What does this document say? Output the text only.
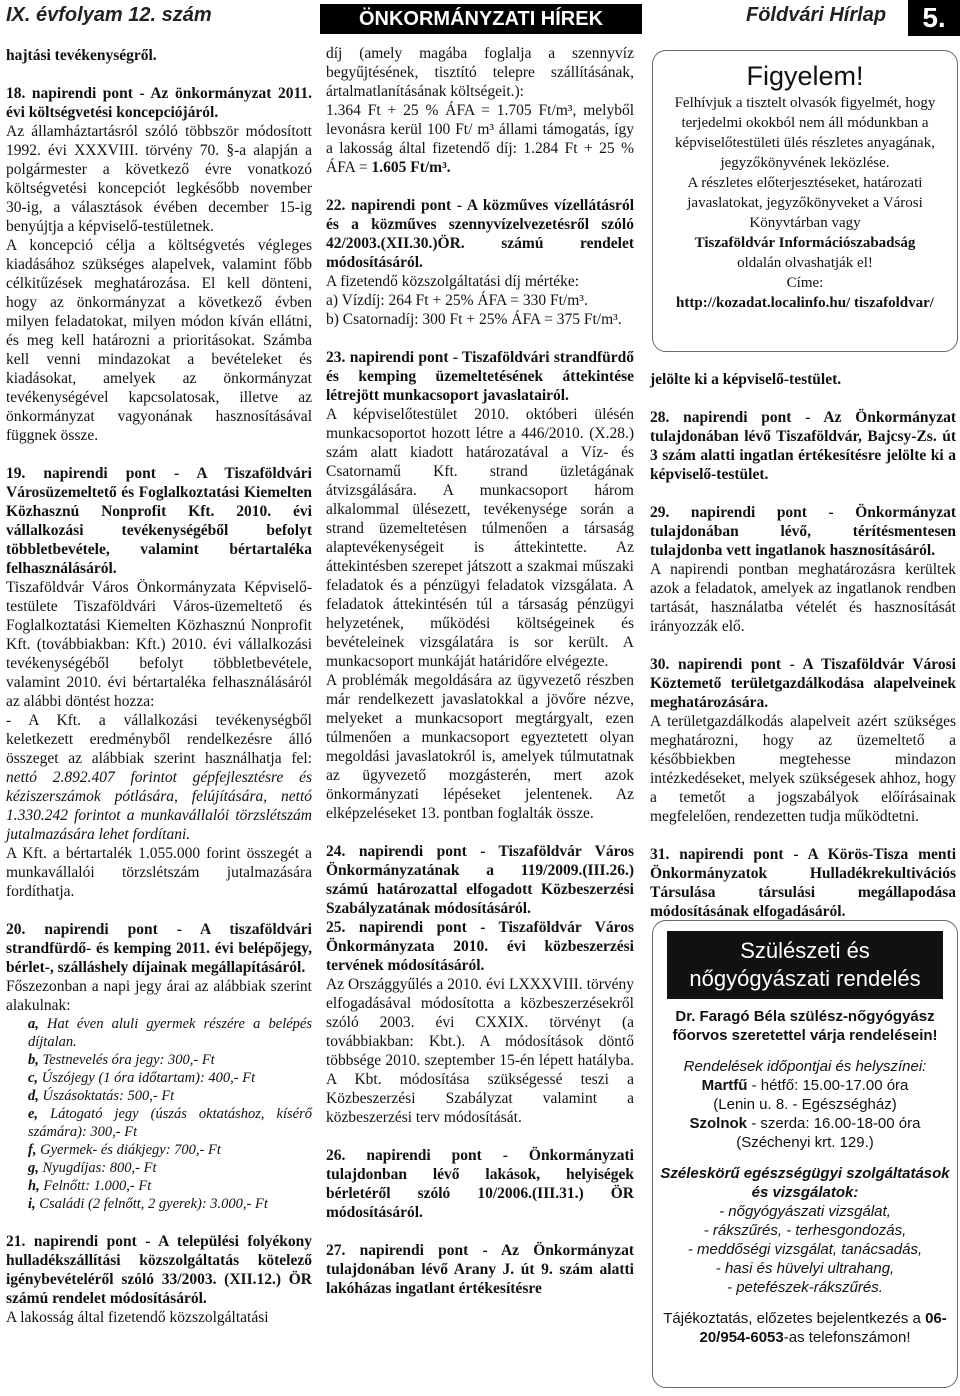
IX. évfolyam 12. szám	ÖNKORMÁNYZATI HÍREK	Földvári Hírlap	5.

hajtási tevékenységről.

18. napirendi pont - Az önkormányzat 2011. évi költségvetési koncepciójáról.

Az államháztartásról szóló többször módosított 1992. évi XXXVIII. törvény 70. §-a alapján a polgármester a következő évre vonatkozó költségvetési koncepciót legkésőbb november 30-ig, a választások évében december 15-ig benyújtja a képviselő-testületnek.

A koncepció célja a költségvetés végleges kiadásához szükséges alapelvek, valamint főbb célkitűzések meghatározása. El kell dönteni, hogy az önkormányzat a következő évben milyen feladatokat, milyen módon kíván ellátni, és meg kell határozni a prioritásokat. Számba kell venni mindazokat a bevételeket és kiadásokat, amelyek az önkormányzat tevékenységével kapcsolatosak, illetve az önkormányzat vagyonának hasznosításával függnek össze.

19. napirendi pont - A Tiszaföldvári Városüzemeltető és Foglalkoztatási Kiemelten Közhasznú Nonprofit Kft. 2010. évi vállalkozási tevékenységéből befolyt többletbevétele, valamint bértartaléka felhasználásáról.

Tiszaföldvár Város Önkormányzata Képviselő-testülete Tiszaföldvári Város-üzemeltető és Foglalkoztatási Kiemelten Közhasznú Nonprofit Kft. (továbbiakban: Kft.) 2010. évi vállalkozási tevékenységéből befolyt többletbevétele, valamint 2010. évi bértartaléka felhasználásáról az alábbi döntést hozza:

- A Kft. a vállalkozási tevékenységből keletkezett eredményből rendelkezésre álló összeget az alábbiak szerint használhatja fel: nettó 2.892.407 forintot gépfejlesztésre és kéziszerszámok pótlására, felújítására, nettó 1.330.242 forintot a munkavállalói törzslétszám jutalmazására lehet fordítani.

A Kft. a bértartalék 1.055.000 forint összegét a munkavállalói törzslétszám jutalmazására fordíthatja.

20. napirendi pont - A tiszaföldvári strandfürdő- és kemping 2011. évi belépőjegy, bérlet-, szálláshely díjainak megállapításáról.

Főszezonban a napi jegy árai az alábbiak szerint alakulnak:

a, Hat éven aluli gyermek részére a belépés díjtalan.

b, Testnevelés óra jegy: 300,- Ft

c, Úszójegy (1 óra időtartam): 400,- Ft

d, Úszásoktatás: 500,- Ft

e, Látogató jegy (úszás oktatáshoz, kísérő számára): 300,- Ft

f, Gyermek- és diákjegy: 700,- Ft

g, Nyugdíjas: 800,- Ft

h, Felnőtt: 1.000,- Ft

i, Családi (2 felnőtt, 2 gyerek): 3.000,- Ft

21. napirendi pont - A települési folyékony hulladékszállítási közszolgáltatás kötelező igénybevételéről szóló 33/2003. (XII.12.) ÖR számú rendelet módosításáról.

A lakosság által fizetendő közszolgáltatási

díj (amely magába foglalja a szennyvíz begyűjtésének, tisztító telepre szállításának, ártalmatlanításának költségeit.):

1.364 Ft + 25 % ÁFA = 1.705 Ft/m³, melyből levonásra kerül 100 Ft/ m³ állami támogatás, így a lakosság által fizetendő díj: 1.284 Ft + 25 % ÁFA = 1.605 Ft/m³.

22. napirendi pont - A közműves vízellátásról és a közműves szennyvízelvezetésről szóló 42/2003.(XII.30.)ÖR. számú rendelet módosításáról.

A fizetendő közszolgáltatási díj mértéke:

a) Vízdíj: 264 Ft + 25% ÁFA = 330 Ft/m³.

b) Csatornadíj: 300 Ft + 25% ÁFA = 375 Ft/m³.

23. napirendi pont - Tiszaföldvári strandfürdő és kemping üzemeltetésének áttekintése létrejött munkacsoport javaslatairól.

A képviselőtestület 2010. októberi ülésén munkacsoportot hozott létre a 446/2010. (X.28.) szám alatt kiadott határozatával a Víz- és Csatornamű Kft. strand üzletágának átvizsgálására. A munkacsoport három alkalommal ülésezett, tevékenysége során a strand üzemeltetésen túlmenően a társaság alaptevékenységeit is áttekintette. Az áttekintésben szerepet játszott a szakmai műszaki feladatok és a pénzügyi feladatok vizsgálata. A feladatok áttekintésén túl a társaság pénzügyi helyzetének, működési költségeinek és bevételeinek vizsgálatára is sor került. A munkacsoport munkáját határidőre elvégezte.

A problémák megoldására az ügyvezető részben már rendelkezett javaslatokkal a jövőre nézve, melyeket a munkacsoport megtárgyalt, ezen túlmenően a munkacsoport egyeztetett olyan megoldási javaslatokról is, amelyek túlmutatnak az ügyvezető mozgásterén, mert azok önkormányzati lépéseket jelentenek. Az elképzeléseket 13. pontban foglalták össze.

24. napirendi pont - Tiszaföldvár Város Önkormányzatának a 119/2009.(III.26.) számú határozattal elfogadott Közbeszerzési Szabályzatának módosításáról.

25. napirendi pont - Tiszaföldvár Város Önkormányzata 2010. évi közbeszerzési tervének módosításáról.

Az Országgyűlés a 2010. évi LXXXVIII. törvény elfogadásával módosította a közbeszerzésekről szóló 2003. évi CXXIX. törvényt (a továbbiakban: Kbt.). A módosítások döntő többsége 2010. szeptember 15-én lépett hatályba. A Kbt. módosítása szükségessé teszi a Közbeszerzési Szabályzat valamint a közbeszerzési terv módosítását.

26. napirendi pont - Önkormányzati tulajdonban lévő lakások, helyiségek bérletéről szóló 10/2006.(III.31.) ÖR módosításáról.

27. napirendi pont - Az Önkormányzat tulajdonában lévő Arany J. út 9. szám alatti lakóházas ingatlant értékesítésre

Figyelem!

Felhívjuk a tisztelt olvasók figyelmét, hogy terjedelmi okokból nem áll módunkban a képviselőtestületi ülés részletes anyagának, jegyzőkönyvének leközlése.

A részletes előterjesztéseket, határozati javaslatokat, jegyzőkönyveket a Városi Könyvtárban vagy

Tiszaföldvár Információszabadság

oldalán olvashatják el!

Címe:

http://kozadat.localinfo.hu/ tiszafoldvar/

jelölte ki a képviselő-testület.

28. napirendi pont - Az Önkormányzat tulajdonában lévő Tiszaföldvár, Bajcsy-Zs. út 3 szám alatti ingatlan értékesítésre jelölte ki a képviselő-testület.

29. napirendi pont - Önkormányzat tulajdonában lévő, térítésmentesen tulajdonba vett ingatlanok hasznosításáról.

A napirendi pontban meghatározásra kerültek azok a feladatok, amelyek az ingatlanok rendben tartását, használatba vételét és hasznosítását irányozzák elő.

30. napirendi pont - A Tiszaföldvár Városi Köztemető területgazdálkodása alapelveinek meghatározására.

A területgazdálkodás alapelveit azért szükséges meghatározni, hogy az üzemeltető a későbbiekben megtehesse mindazon intézkedéseket, melyek szükségesek ahhoz, hogy a temetőt a jogszabályok előírásainak megfelelően, rendezetten tudja működtetni.

31. napirendi pont - A Körös-Tisza menti Önkormányzatok Hulladékrekultivációs Társulása társulási megállapodása módosításának elfogadásáról.

Szülészeti és nőgyógyászati rendelés

Dr. Faragó Béla szülész-nőgyógyász főorvos szeretettel várja rendelésein!

Rendelések időpontjai és helyszínei:

Martfű - hétfő: 15.00-17.00 óra

(Lenin u. 8. - Egészségház)

Szolnok - szerda: 16.00-18-00 óra

(Széchenyi krt. 129.)

Széleskörű egészségügyi szolgáltatások és vizsgálatok:

- nőgyógyászati vizsgálat,

- rákszűrés, - terhesgondozás,

- meddőségi vizsgálat, tanácsadás,

- hasi és hüvelyi ultrahang,

- petefészek-rákszűrés.

Tájékoztatás, előzetes bejelentkezés a 06-20/954-6053-as telefonszámon!
